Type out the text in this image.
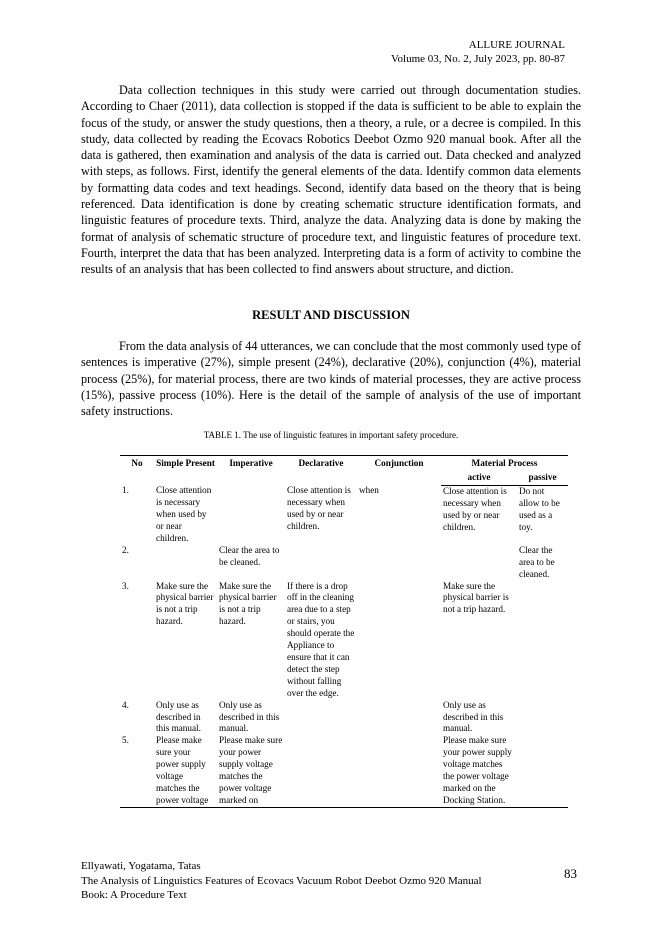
ALLURE JOURNAL
Volume 03, No. 2, July 2023, pp. 80-87

Data collection techniques in this study were carried out through documentation studies. According to Chaer (2011), data collection is stopped if the data is sufficient to be able to explain the focus of the study, or answer the study questions, then a theory, a rule, or a decree is compiled. In this study, data collected by reading the Ecovacs Robotics Deebot Ozmo 920 manual book. After all the data is gathered, then examination and analysis of the data is carried out. Data checked and analyzed with steps, as follows. First, identify the general elements of the data. Identify common data elements by formatting data codes and text headings. Second, identify data based on the theory that is being referenced. Data identification is done by creating schematic structure identification formats, and linguistic features of procedure texts. Third, analyze the data. Analyzing data is done by making the format of analysis of schematic structure of procedure text, and linguistic features of procedure text. Fourth, interpret the data that has been analyzed. Interpreting data is a form of activity to combine the results of an analysis that has been collected to find answers about structure, and diction.

RESULT AND DISCUSSION

From the data analysis of 44 utterances, we can conclude that the most commonly used type of sentences is imperative (27%), simple present (24%), declarative (20%), conjunction (4%), material process (25%), for material process, there are two kinds of material processes, they are active process (15%), passive process (10%). Here is the detail of the sample of analysis of the use of important safety instructions.

TABLE 1. The use of linguistic features in important safety procedure.
No	Simple Present	Imperative	Declarative	Conjunction	Material Process	
					active	passive
1.	Close attention is necessary when used by or near children.		Close attention is necessary when used by or near children.	when	Close attention is necessary when used by or near children.	Do not allow to be used as a toy.
2.		Clear the area to be cleaned.				Clear the area to be cleaned.
3.	Make sure the physical barrier is not a trip hazard.	Make sure the physical barrier is not a trip hazard.	If there is a drop off in the cleaning area due to a step or stairs, you should operate the Appliance to ensure that it can detect the step without falling over the edge.		Make sure the physical barrier is not a trip hazard.	
4.	Only use as described in this manual.	Only use as described in this manual.			Only use as described in this manual.	
5.	Please make sure your power supply voltage matches the power voltage	Please make sure your power supply voltage matches the power voltage marked on			Please make sure your power supply voltage matches the power voltage marked on the Docking Station.	
Ellyawati, Yogatama, Tatas
The Analysis of Linguistics Features of Ecovacs Vacuum Robot Deebot Ozmo 920 Manual
Book: A Procedure Text
83
